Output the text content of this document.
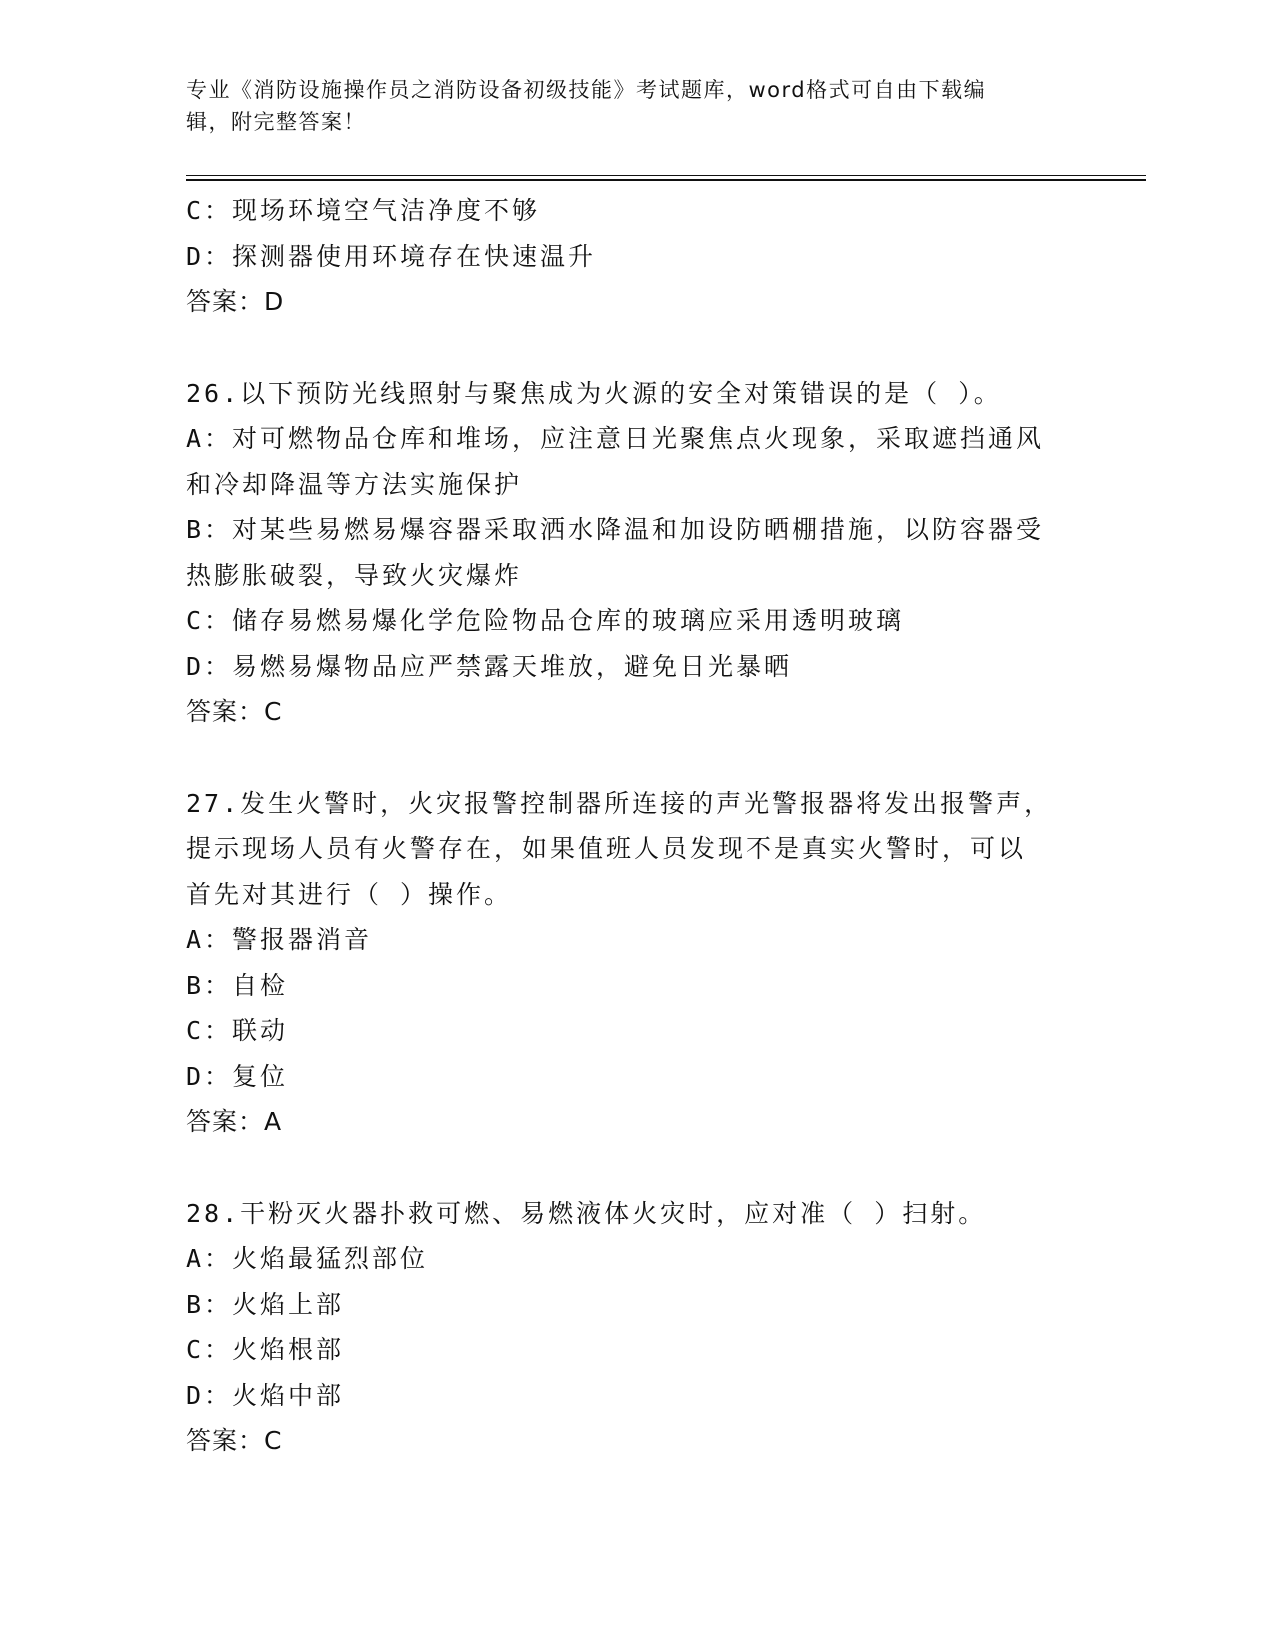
专业《消防设施操作员之消防设备初级技能》考试题库，word格式可自由下载编
辑，附完整答案！
C：现场环境空气洁净度不够
D：探测器使用环境存在快速温升
答案：D
26.以下预防光线照射与聚焦成为火源的安全对策错误的是（ ）。
A：对可燃物品仓库和堆场，应注意日光聚焦点火现象，采取遮挡通风
和冷却降温等方法实施保护
B：对某些易燃易爆容器采取洒水降温和加设防晒棚措施，以防容器受
热膨胀破裂，导致火灾爆炸
C：储存易燃易爆化学危险物品仓库的玻璃应采用透明玻璃
D：易燃易爆物品应严禁露天堆放，避免日光暴晒
答案：C
27.发生火警时，火灾报警控制器所连接的声光警报器将发出报警声，
提示现场人员有火警存在，如果值班人员发现不是真实火警时，可以
首先对其进行（ ）操作。
A：警报器消音
B：自检
C：联动
D：复位
答案：A
28.干粉灭火器扑救可燃、易燃液体火灾时，应对准（ ）扫射。
A：火焰最猛烈部位
B：火焰上部
C：火焰根部
D：火焰中部
答案：C
